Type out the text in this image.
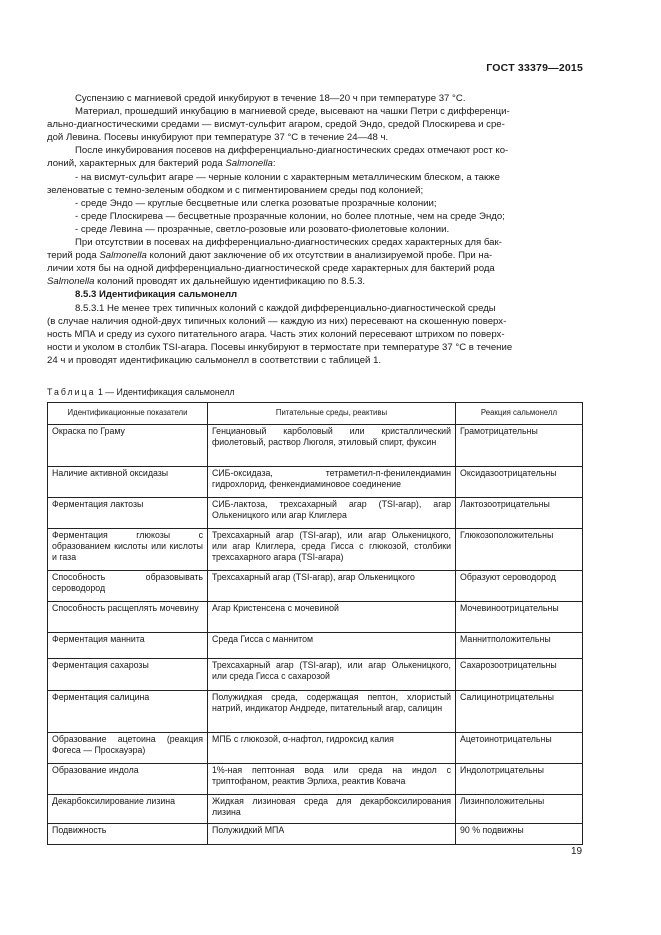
ГОСТ 33379—2015

Суспензию с магниевой средой инкубируют в течение 18—20 ч при температуре 37 °С.

Материал, прошедший инкубацию в магниевой среде, высевают на чашки Петри с дифференци-

ально-диагностическими средами — висмут-сульфит агаром, средой Эндо, средой Плоскирева и сре-

дой Левина. Посевы инкубируют при температуре 37 °С в течение 24—48 ч.

После инкубирования посевов на дифференциально-диагностических средах отмечают рост ко-

лоний, характерных для бактерий рода Salmonella:

- на висмут-сульфит агаре — черные колонии с характерным металлическим блеском, а также

зеленоватые с темно-зеленым ободком и с пигментированием среды под колонией;

- среде Эндо — круглые бесцветные или слегка розоватые прозрачные колонии;

- среде Плоскирева — бесцветные прозрачные колонии, но более плотные, чем на среде Эндо;

- среде Левина — прозрачные, светло-розовые или розовато-фиолетовые колонии.

При отсутствии в посевах на дифференциально-диагностических средах характерных для бак-

терий рода Salmonella колоний дают заключение об их отсутствии в анализируемой пробе. При на-

личии хотя бы на одной дифференциально-диагностической среде характерных для бактерий рода

Salmonella колоний проводят их дальнейшую идентификацию по 8.5.3.

8.5.3 Идентификация сальмонелл

8.5.3.1 Не менее трех типичных колоний с каждой дифференциально-диагностической среды

(в случае наличия одной-двух типичных колоний — каждую из них) пересевают на скошенную поверх-

ность МПА и среду из сухого питательного агара. Часть этих колоний пересевают штрихом по поверх-

ности и уколом в столбик TSI-агара. Посевы инкубируют в термостате при температуре 37 °С в течение

24 ч и проводят идентификацию сальмонелл в соответствии с таблицей 1.

Таблица 1 — Идентификация сальмонелл
Идентификационные показатели	Питательные среды, реактивы	Реакция сальмонелл
Окраска по Граму	Генциановый карболовый или кристаллический фиолетовый, раствор Люголя, этиловый спирт, фуксин	Грамотрицательны
Наличие активной оксидазы	СИБ-оксидаза, тетраметил-п-фенилендиамин гидрохлорид, фенкендиаминовое соединение	Оксидазоотрицательны
Ферментация лактозы	СИБ-лактоза, трехсахарный агар (TSI-агар), агар Олькеницкого или агар Клиглера	Лактозоотрицательны
Ферментация глюкозы с образованием кислоты или кислоты и газа	Трехсахарный агар (TSI-агар), или агар Олькеницкого, или агар Клиглера, среда Гисса с глюкозой, столбики трехсахарного агара (TSI-агара)	Глюкозоположительны
Способность образовывать сероводород	Трехсахарный агар (TSI-агар), агар Олькеницкого	Образуют сероводород
Способность расщеплять мочевину	Агар Кристенсена с мочевиной	Мочевиноотрицательны
Ферментация маннита	Среда Гисса с маннитом	Маннитположительны
Ферментация сахарозы	Трехсахарный агар (TSI-агар), или агар Олькеницкого, или среда Гисса с сахарозой	Сахарозоотрицательны
Ферментация салицина	Полужидкая среда, содержащая пептон, хлористый натрий, индикатор Андреде, питательный агар, салицин	Салицинотрицательны
Образование ацетоина (реакция Фогеса — Проскауэра)	МПБ с глюкозой, α-нафтол, гидроксид калия	Ацетоинотрицательны
Образование индола	1%-ная пептонная вода или среда на индол с триптофаном, реактив Эрлиха, реактив Ковача	Индолотрицательны
Декарбоксилирование лизина	Жидкая лизиновая среда для декарбоксилирования лизина	Лизинположительны
Подвижность	Полужидкий МПА	90 % подвижны
19
